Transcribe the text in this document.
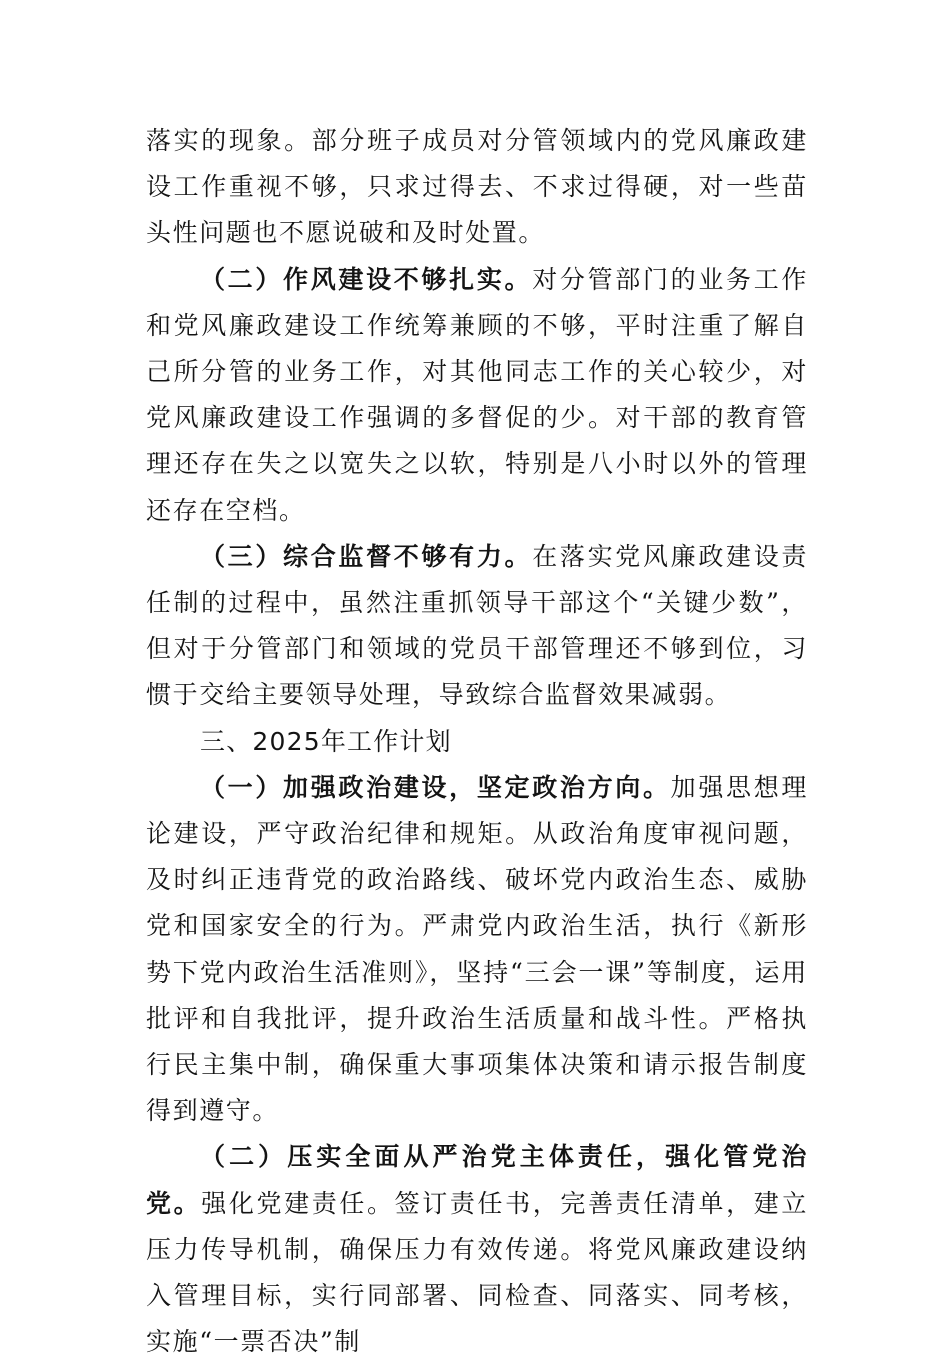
落实的现象。部分班子成员对分管领域内的党风廉政建设工作重视不够，只求过得去、不求过得硬，对一些苗头性问题也不愿说破和及时处置。

（二）作风建设不够扎实。对分管部门的业务工作和党风廉政建设工作统筹兼顾的不够，平时注重了解自己所分管的业务工作，对其他同志工作的关心较少，对党风廉政建设工作强调的多督促的少。对干部的教育管理还存在失之以宽失之以软，特别是八小时以外的管理还存在空档。

（三）综合监督不够有力。在落实党风廉政建设责任制的过程中，虽然注重抓领导干部这个“关键少数”，但对于分管部门和领域的党员干部管理还不够到位，习惯于交给主要领导处理，导致综合监督效果减弱。

三、2025年工作计划

（一）加强政治建设，坚定政治方向。加强思想理论建设，严守政治纪律和规矩。从政治角度审视问题，及时纠正违背党的政治路线、破坏党内政治生态、威胁党和国家安全的行为。严肃党内政治生活，执行《新形势下党内政治生活准则》，坚持“三会一课”等制度，运用批评和自我批评，提升政治生活质量和战斗性。严格执行民主集中制，确保重大事项集体决策和请示报告制度得到遵守。

（二）压实全面从严治党主体责任，强化管党治党。强化党建责任。签订责任书，完善责任清单，建立压力传导机制，确保压力有效传递。将党风廉政建设纳入管理目标，实行同部署、同检查、同落实、同考核，实施“一票否决”制
